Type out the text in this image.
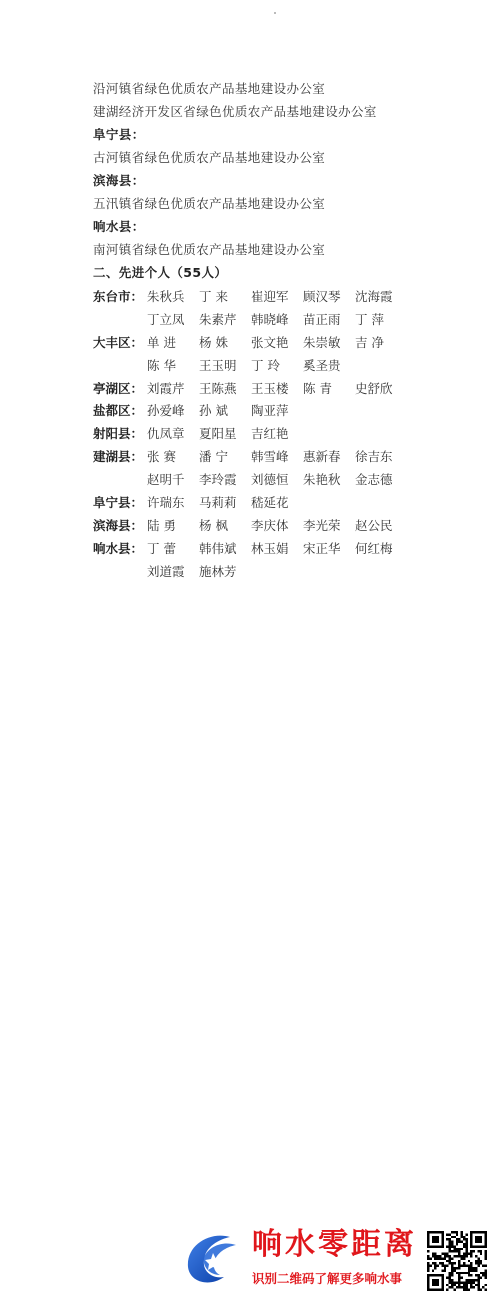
沿河镇省绿色优质农产品基地建设办公室
建湖经济开发区省绿色优质农产品基地建设办公室
阜宁县：
古河镇省绿色优质农产品基地建设办公室
滨海县：
五汛镇省绿色优质农产品基地建设办公室
响水县：
南河镇省绿色优质农产品基地建设办公室
二、先进个人（55人）
东台市： 朱秋兵 丁 来 崔迎军 顾汉琴 沈海霞
丁立凤 朱素芹 韩晓峰 苗正雨 丁 萍
大丰区： 单 进 杨 姝 张文艳 朱崇敏 吉 净
陈 华 王玉明 丁 玲 奚圣贵
亭湖区： 刘霞芹 王陈燕 王玉楼 陈 青 史舒欣
盐都区： 孙爱峰 孙 斌 陶亚萍
射阳县： 仇凤章 夏阳星 吉红艳
建湖县： 张 赛 潘 宁 韩雪峰 惠新春 徐吉东
赵明千 李玲霞 刘德恒 朱艳秋 金志德
阜宁县： 许瑞东 马莉莉 嵇延花
滨海县： 陆 勇 杨 枫 李庆体 李光荣 赵公民
响水县： 丁 蕾 韩伟斌 林玉娟 宋正华 何红梅
刘道霞 施林芳
响水零距离
识别二维码了解更多响水事
